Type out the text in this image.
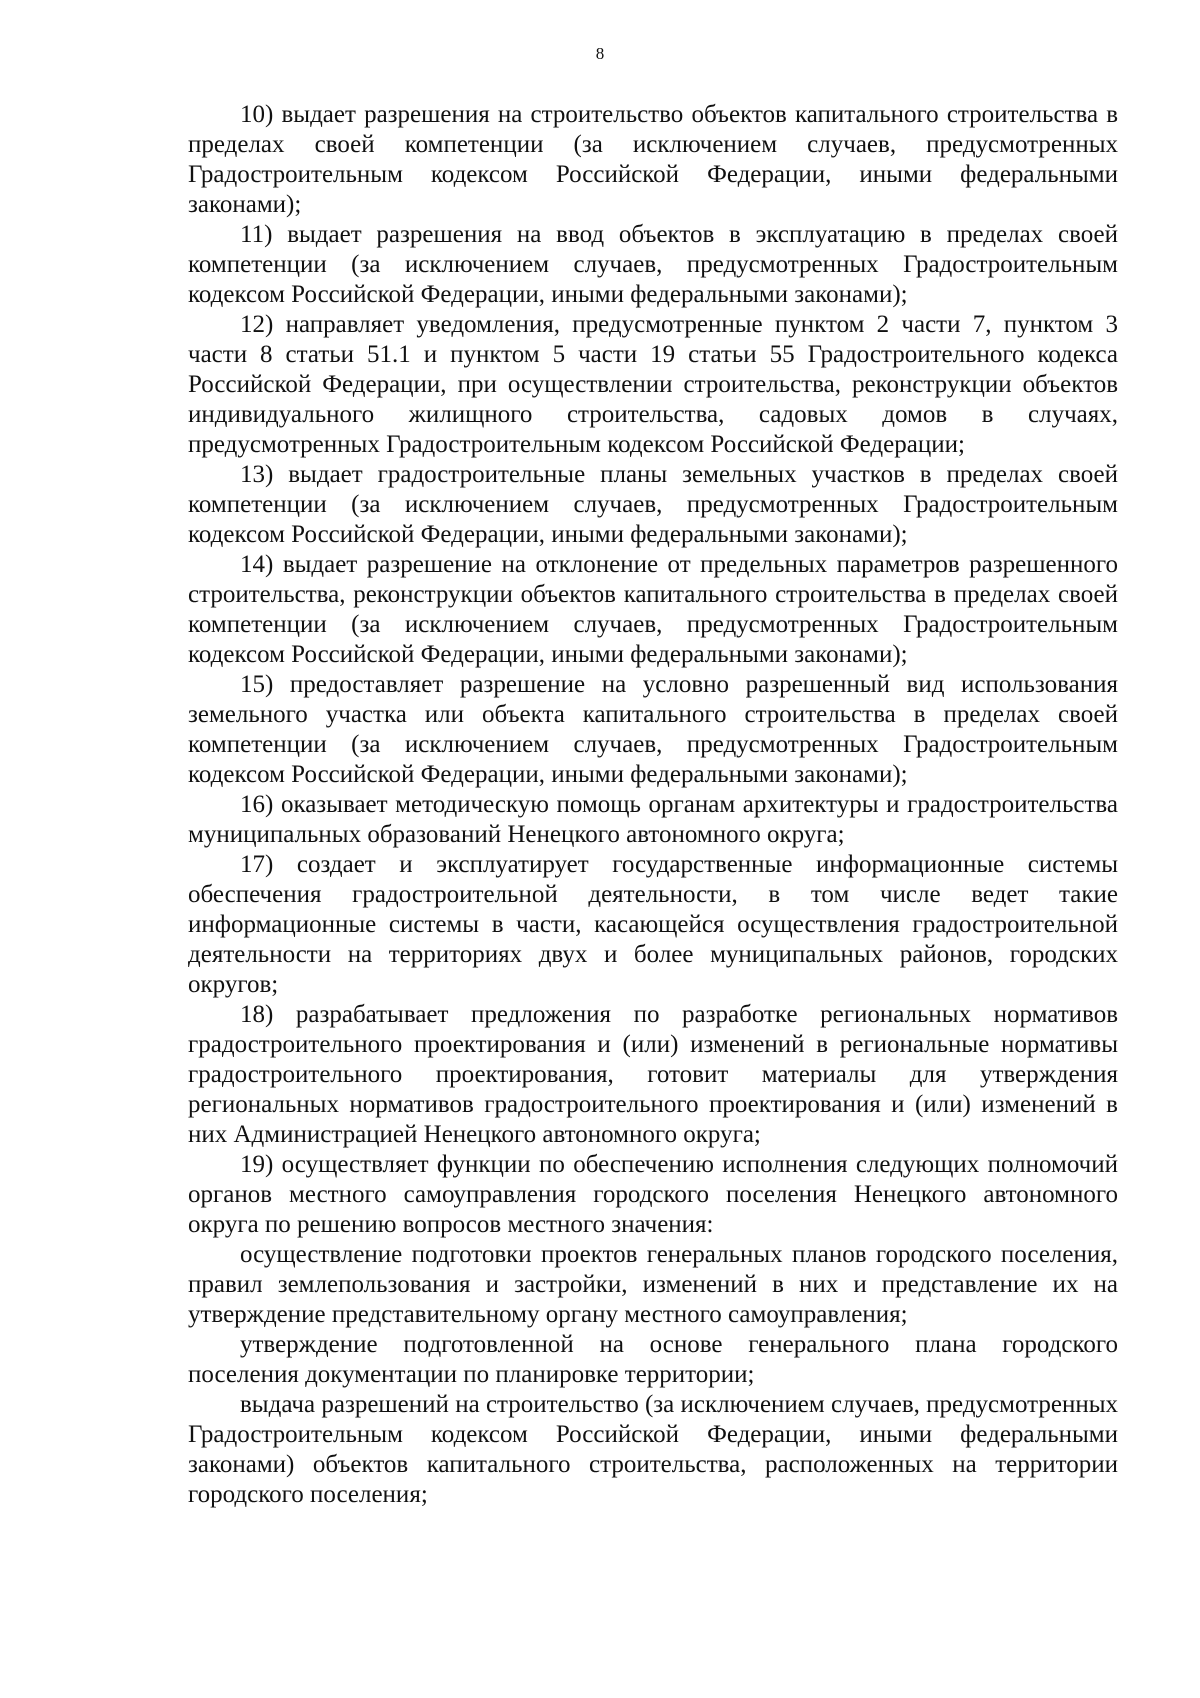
8

10) выдает разрешения на строительство объектов капитального строительства в пределах своей компетенции (за исключением случаев, предусмотренных Градостроительным кодексом Российской Федерации, иными федеральными законами);

11) выдает разрешения на ввод объектов в эксплуатацию в пределах своей компетенции (за исключением случаев, предусмотренных Градостроительным кодексом Российской Федерации, иными федеральными законами);

12) направляет уведомления, предусмотренные пунктом 2 части 7, пунктом 3 части 8 статьи 51.1 и пунктом 5 части 19 статьи 55 Градостроительного кодекса Российской Федерации, при осуществлении строительства, реконструкции объектов индивидуального жилищного строительства, садовых домов в случаях, предусмотренных Градостроительным кодексом Российской Федерации;

13) выдает градостроительные планы земельных участков в пределах своей компетенции (за исключением случаев, предусмотренных Градостроительным кодексом Российской Федерации, иными федеральными законами);

14) выдает разрешение на отклонение от предельных параметров разрешенного строительства, реконструкции объектов капитального строительства в пределах своей компетенции (за исключением случаев, предусмотренных Градостроительным кодексом Российской Федерации, иными федеральными законами);

15) предоставляет разрешение на условно разрешенный вид использования земельного участка или объекта капитального строительства в пределах своей компетенции (за исключением случаев, предусмотренных Градостроительным кодексом Российской Федерации, иными федеральными законами);

16) оказывает методическую помощь органам архитектуры и градостроительства муниципальных образований Ненецкого автономного округа;

17) создает и эксплуатирует государственные информационные системы обеспечения градостроительной деятельности, в том числе ведет такие информационные системы в части, касающейся осуществления градостроительной деятельности на территориях двух и более муниципальных районов, городских округов;

18) разрабатывает предложения по разработке региональных нормативов градостроительного проектирования и (или) изменений в региональные нормативы градостроительного проектирования, готовит материалы для утверждения региональных нормативов градостроительного проектирования и (или) изменений в них Администрацией Ненецкого автономного округа;

19) осуществляет функции по обеспечению исполнения следующих полномочий органов местного самоуправления городского поселения Ненецкого автономного округа по решению вопросов местного значения:

осуществление подготовки проектов генеральных планов городского поселения, правил землепользования и застройки, изменений в них и представление их на утверждение представительному органу местного самоуправления;

утверждение подготовленной на основе генерального плана городского поселения документации по планировке территории;

выдача разрешений на строительство (за исключением случаев, предусмотренных Градостроительным кодексом Российской Федерации, иными федеральными законами) объектов капитального строительства, расположенных на территории городского поселения;
